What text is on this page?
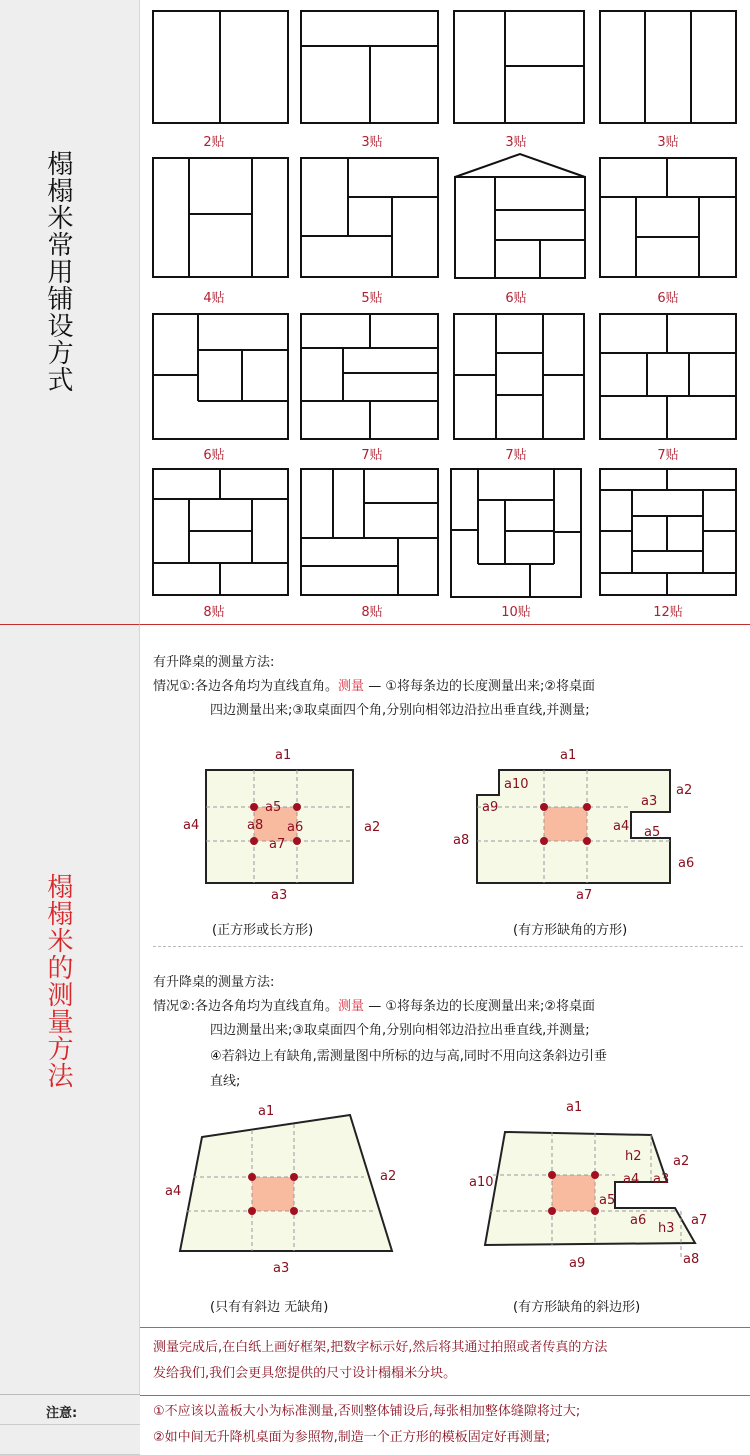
榻榻米常用铺设方式
榻榻米的测量方法
注意:
2贴	3贴	3贴	3贴
4贴	5贴	6贴	6贴
6贴	7贴	7贴	7贴
8贴	8贴	10贴	12贴
有升降桌的测量方法:
情况①:各边各角均为直线直角。测量 — ①将每条边的长度测量出来;②将桌面
四边测量出来;③取桌面四个角,分别向相邻边沿拉出垂直线,并测量;
a1
a2
a3
a4
a5
a6
a7
a8
(正方形或长方形)
a1
a2
a3
a4 a5
a6
a7
a8
a9
a10
(有方形缺角的方形)
有升降桌的测量方法:
情况②:各边各角均为直线直角。测量 — ①将每条边的长度测量出来;②将桌面
四边测量出来;③取桌面四个角,分别向相邻边沿拉出垂直线,并测量;
④若斜边上有缺角,需测量图中所标的边与高,同时不用向这条斜边引垂
直线;
a1
a2
a3
a4
(只有有斜边 无缺角)
a1
a2
a3
a4
a5
a6	a7
a8
a9
a10
h2
h3
(有方形缺角的斜边形)
测量完成后,在白纸上画好框架,把数字标示好,然后将其通过拍照或者传真的方法
发给我们,我们会更具您提供的尺寸设计榻榻米分块。
①不应该以盖板大小为标准测量,否则整体铺设后,每张相加整体缝隙将过大;
②如中间无升降机桌面为参照物,制造一个正方形的模板固定好再测量;
